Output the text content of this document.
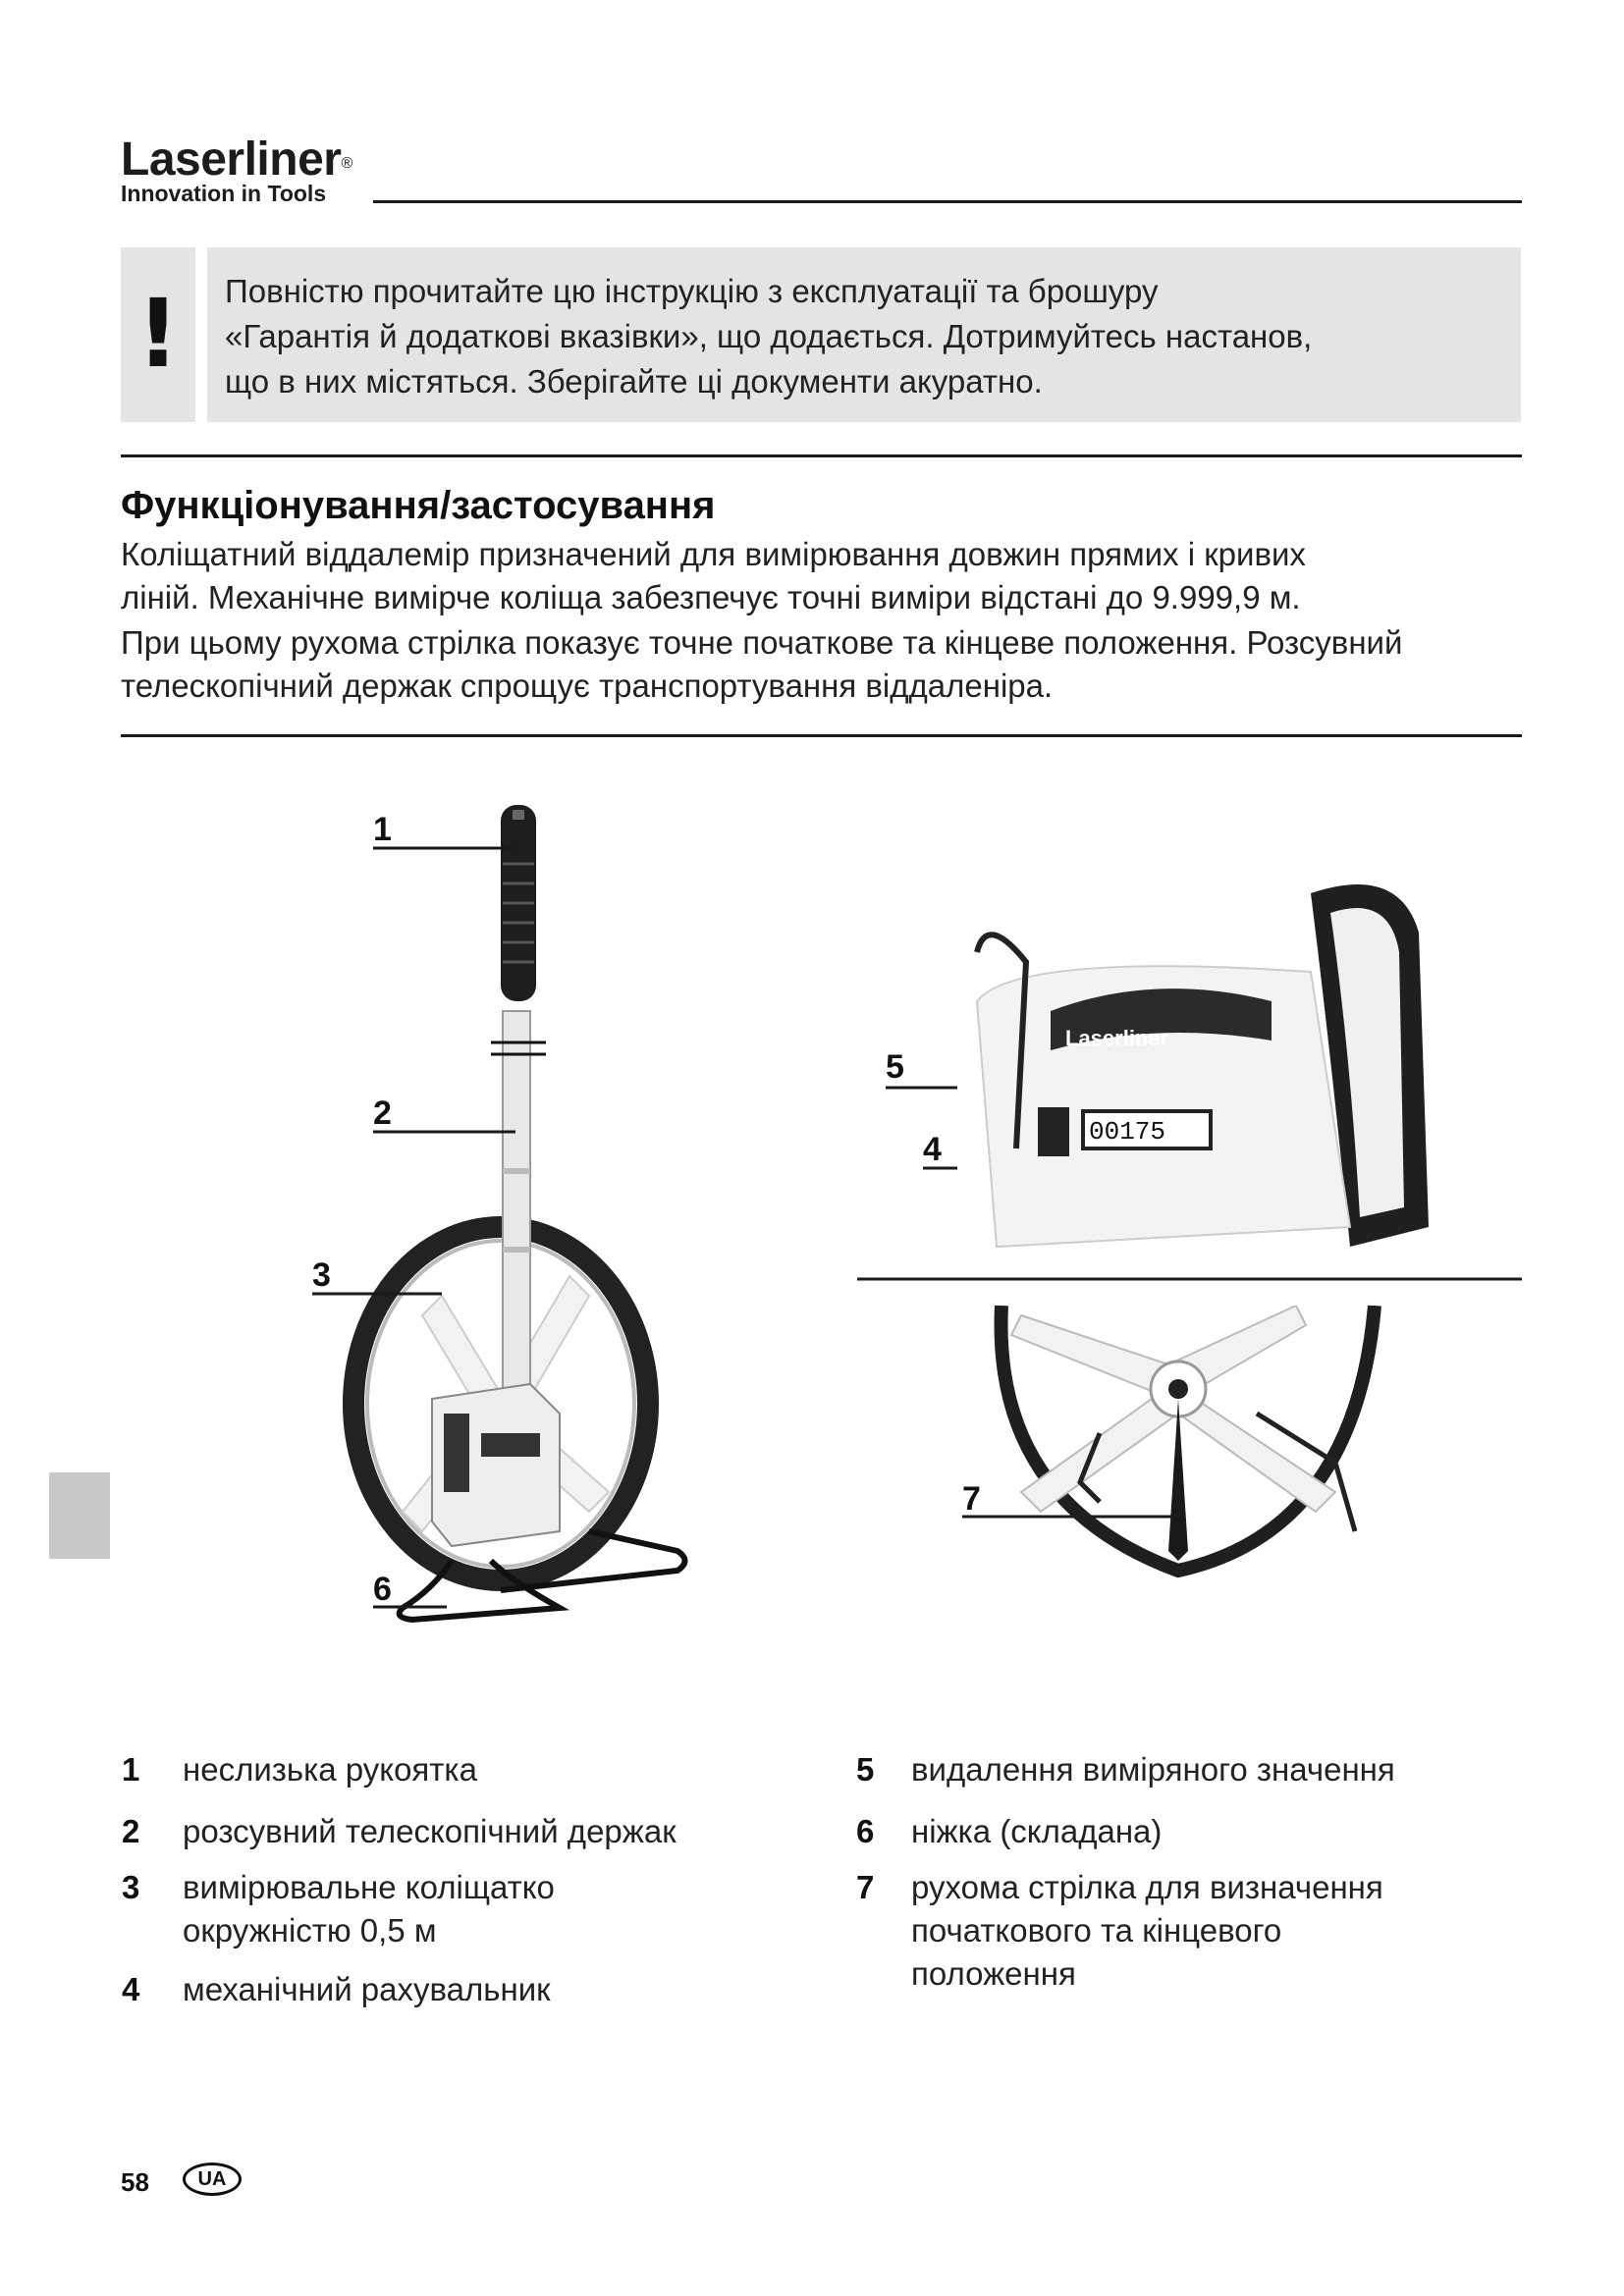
Laserliner®
Innovation in Tools
!	Повністю прочитайте цю інструкцію з експлуатації та брошуру
«Гарантія й додаткові вказівки», що додається. Дотримуйтесь настанов,
що в них містяться. Зберігайте ці документи акуратно.
Функціонування/застосування
Коліщатний віддалемір призначений для вимірювання довжин прямих і кривих
ліній. Механічне вимірче коліща забезпечує точні виміри відстані до 9.999,9 м.
При цьому рухома стрілка показує точне початкове та кінцеве положення. Розсувний
телескопічний держак спрощує транспортування віддаленіра.
1
2
3
6
5
4
7
Laserliner
00175
1 неслизька рукоятка
2 розсувний телескопічний держак
3 вимірювальне коліщатко
окружністю 0,5 м
4 механічний рахувальник
5 видалення виміряного значення
6 ніжка (складана)
7 рухома стрілка для визначення
початкового та кінцевого
положення
58	UA
